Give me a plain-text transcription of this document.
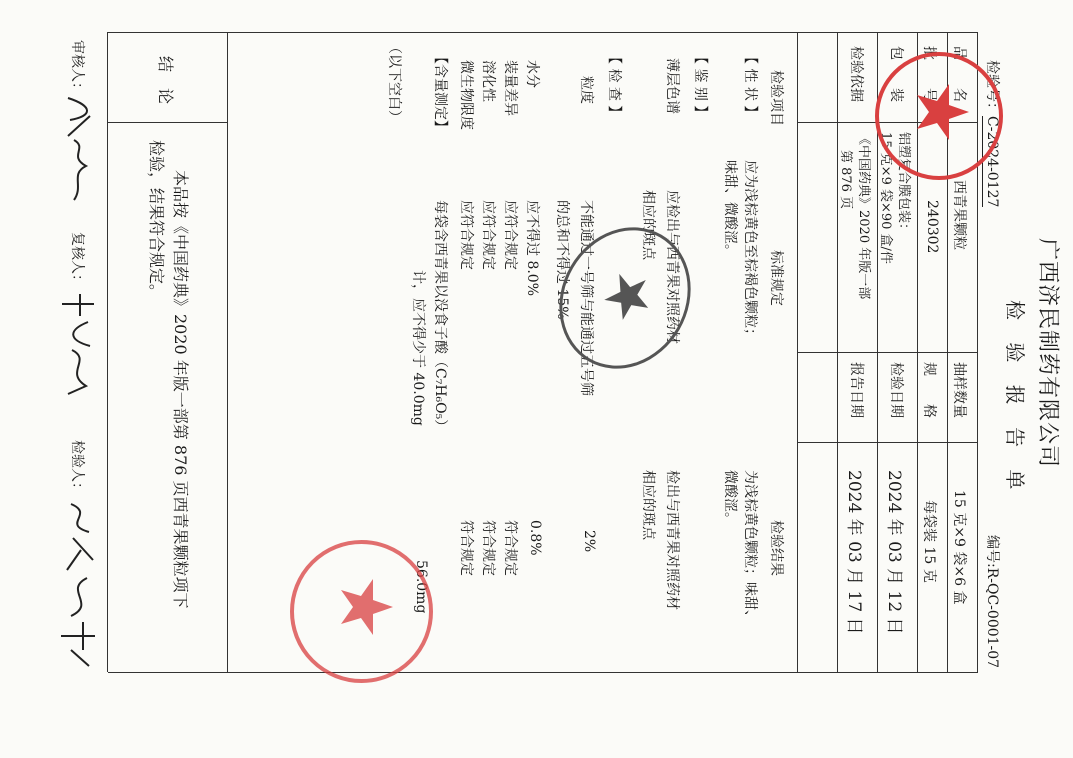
广西济民制药有限公司
检 验 报 告 单
检验号：C-2024-0127
编号:R-QC-0001-07
品　　名
西青果颗粒
抽样数量
15 克×9 袋×6 盒
批　　号
240302
规　　格
每袋装 15 克
包　　装
铝塑复合膜包装：
15 克×9 袋×90 盒/件
检验日期
2024 年 03 月 12 日
检验依据
《中国药典》2020 年版一部
第 876 页
报告日期
2024 年 03 月 17 日
检验项目
标准规定
检验结果
【 性 状 】
应为浅棕黄色至棕褐色颗粒；
味甜、微酸涩。
为浅棕黄色颗粒；味甜、
微酸涩。
【 鉴 别 】
薄层色谱
应检出与西青果对照药材
相应的斑点
检出与西青果对照药材
相应的斑点
【 检 查 】
粒度
不能通过一号筛与能通过五号筛
的总和不得过 15%
2%
水分
应不得过 8.0%
0.8%
装量差异
应符合规定
符合规定
溶化性
应符合规定
符合规定
微生物限度
应符合规定
符合规定
【含量测定】
每袋含西青果以没食子酸（C₇H₆O₅）
计，应不得少于 40.0mg
56.0mg
（以下空白）
结　论
本品按《中国药典》2020 年版一部第 876 页西青果颗粒项下
检验，结果符合规定。
审核人：
复核人：
检验人：
